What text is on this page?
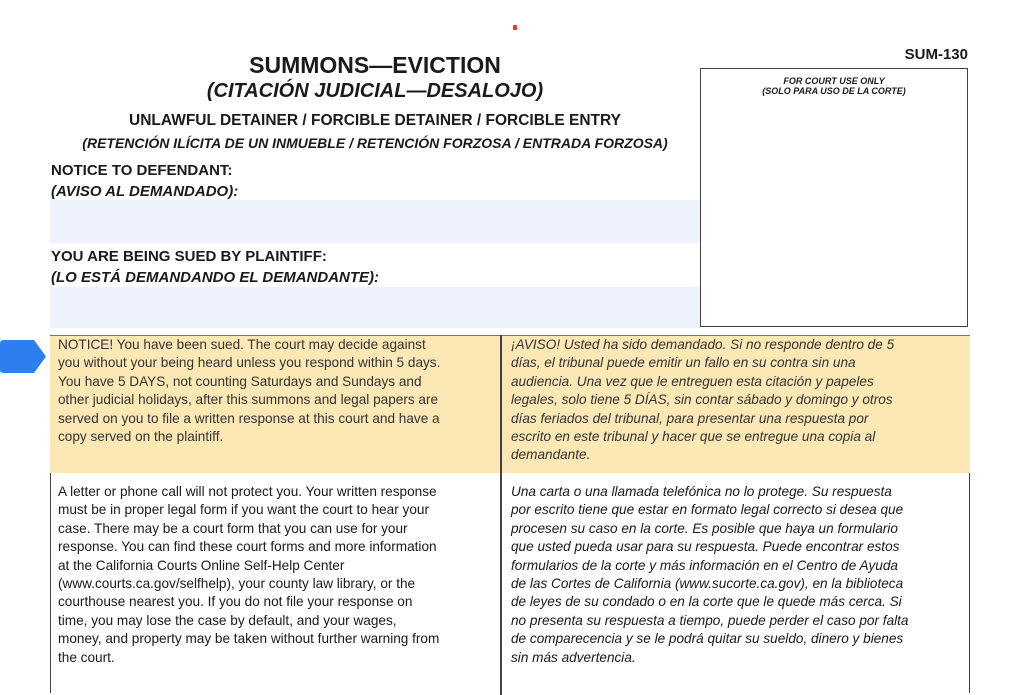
SUM-130
SUMMONS—EVICTION
(CITACIÓN JUDICIAL—DESALOJO)
UNLAWFUL DETAINER / FORCIBLE DETAINER / FORCIBLE ENTRY
(RETENCIÓN ILÍCITA DE UN INMUEBLE / RETENCIÓN FORZOSA / ENTRADA FORZOSA)
FOR COURT USE ONLY
(SOLO PARA USO DE LA CORTE)
NOTICE TO DEFENDANT:
(AVISO AL DEMANDADO):
YOU ARE BEING SUED BY PLAINTIFF:
(LO ESTÁ DEMANDANDO EL DEMANDANTE):
NOTICE! You have been sued. The court may decide against
you without your being heard unless you respond within 5 days.
You have 5 DAYS, not counting Saturdays and Sundays and
other judicial holidays, after this summons and legal papers are
served on you to file a written response at this court and have a
copy served on the plaintiff.
¡AVISO! Usted ha sido demandado. Si no responde dentro de 5
días, el tribunal puede emitir un fallo en su contra sin una
audiencia. Una vez que le entreguen esta citación y papeles
legales, solo tiene 5 DÍAS, sin contar sábado y domingo y otros
días feriados del tribunal, para presentar una respuesta por
escrito en este tribunal y hacer que se entregue una copia al
demandante.
A letter or phone call will not protect you. Your written response
must be in proper legal form if you want the court to hear your
case. There may be a court form that you can use for your
response. You can find these court forms and more information
at the California Courts Online Self-Help Center
(www.courts.ca.gov/selfhelp), your county law library, or the
courthouse nearest you. If you do not file your response on
time, you may lose the case by default, and your wages,
money, and property may be taken without further warning from
the court.
Una carta o una llamada telefónica no lo protege. Su respuesta
por escrito tiene que estar en formato legal correcto si desea que
procesen su caso en la corte. Es posible que haya un formulario
que usted pueda usar para su respuesta. Puede encontrar estos
formularios de la corte y más información en el Centro de Ayuda
de las Cortes de California (www.sucorte.ca.gov), en la biblioteca
de leyes de su condado o en la corte que le quede más cerca. Si
no presenta su respuesta a tiempo, puede perder el caso por falta
de comparecencia y se le podrá quitar su sueldo, dinero y bienes
sin más advertencia.
